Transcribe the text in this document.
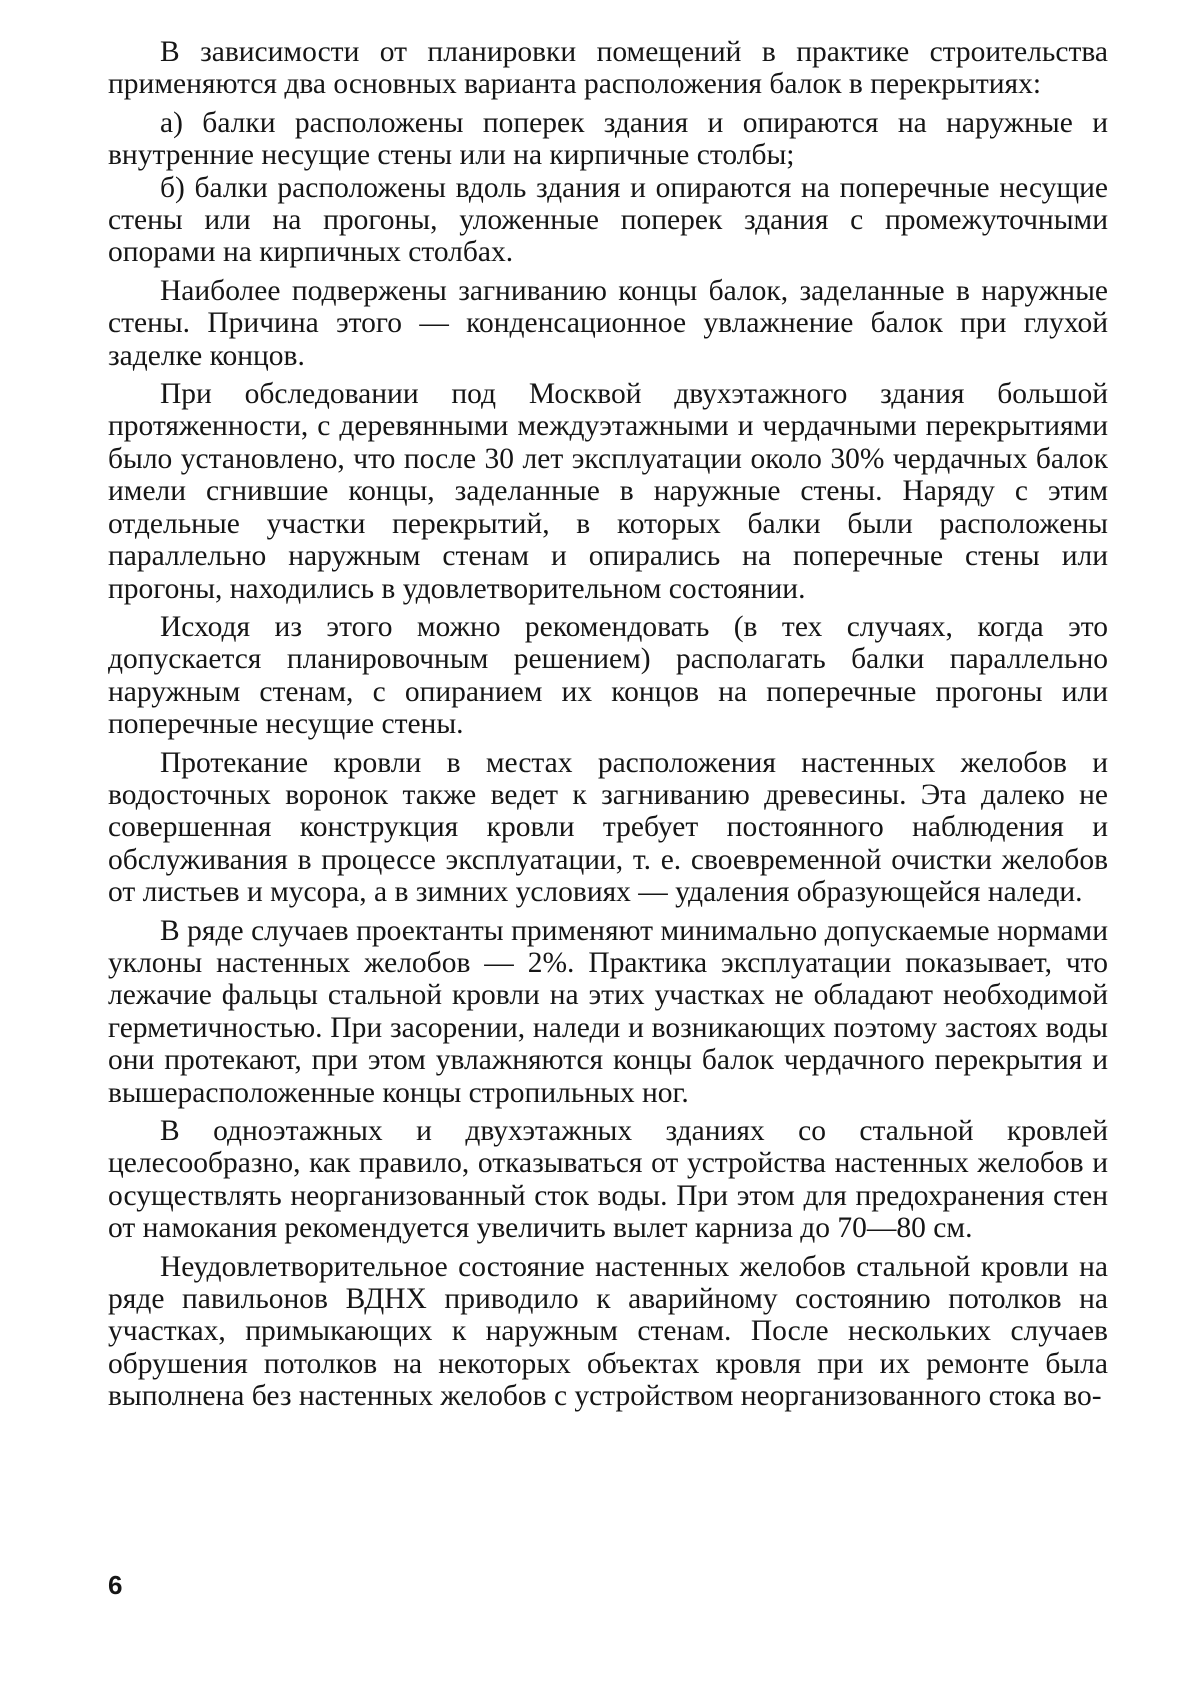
В зависимости от планировки помещений в практике строительства применяются два основных варианта расположения балок в перекрытиях:

а) балки расположены поперек здания и опираются на наружные и внутренние несущие стены или на кирпичные столбы;

б) балки расположены вдоль здания и опираются на поперечные несущие стены или на прогоны, уложенные поперек здания с промежуточными опорами на кирпичных столбах.

Наиболее подвержены загниванию концы балок, заделанные в наружные стены. Причина этого — конденсационное увлажнение балок при глухой заделке концов.

При обследовании под Москвой двухэтажного здания большой протяженности, с деревянными междуэтажными и чердачными перекрытиями было установлено, что после 30 лет эксплуатации около 30% чердачных балок имели сгнившие концы, заделанные в наружные стены. Наряду с этим отдельные участки перекрытий, в которых балки были расположены параллельно наружным стенам и опирались на поперечные стены или прогоны, находились в удовлетворительном состоянии.

Исходя из этого можно рекомендовать (в тех случаях, когда это допускается планировочным решением) располагать балки параллельно наружным стенам, с опиранием их концов на поперечные прогоны или поперечные несущие стены.

Протекание кровли в местах расположения настенных желобов и водосточных воронок также ведет к загниванию древесины. Эта далеко не совершенная конструкция кровли требует постоянного наблюдения и обслуживания в процессе эксплуатации, т. е. своевременной очистки желобов от листьев и мусора, а в зимних условиях — удаления образующейся наледи.

В ряде случаев проектанты применяют минимально допускаемые нормами уклоны настенных желобов — 2%. Практика эксплуатации показывает, что лежачие фальцы стальной кровли на этих участках не обладают необходимой герметичностью. При засорении, наледи и возникающих поэтому застоях воды они протекают, при этом увлажняются концы балок чердачного перекрытия и вышерасположенные концы стропильных ног.

В одноэтажных и двухэтажных зданиях со стальной кровлей целесообразно, как правило, отказываться от устройства настенных желобов и осуществлять неорганизованный сток воды. При этом для предохранения стен от намокания рекомендуется увеличить вылет карниза до 70—80 см.

Неудовлетворительное состояние настенных желобов стальной кровли на ряде павильонов ВДНХ приводило к аварийному состоянию потолков на участках, примыкающих к наружным стенам. После нескольких случаев обрушения потолков на некоторых объектах кровля при их ремонте была выполнена без настенных желобов с устройством неорганизованного стока во-

6
